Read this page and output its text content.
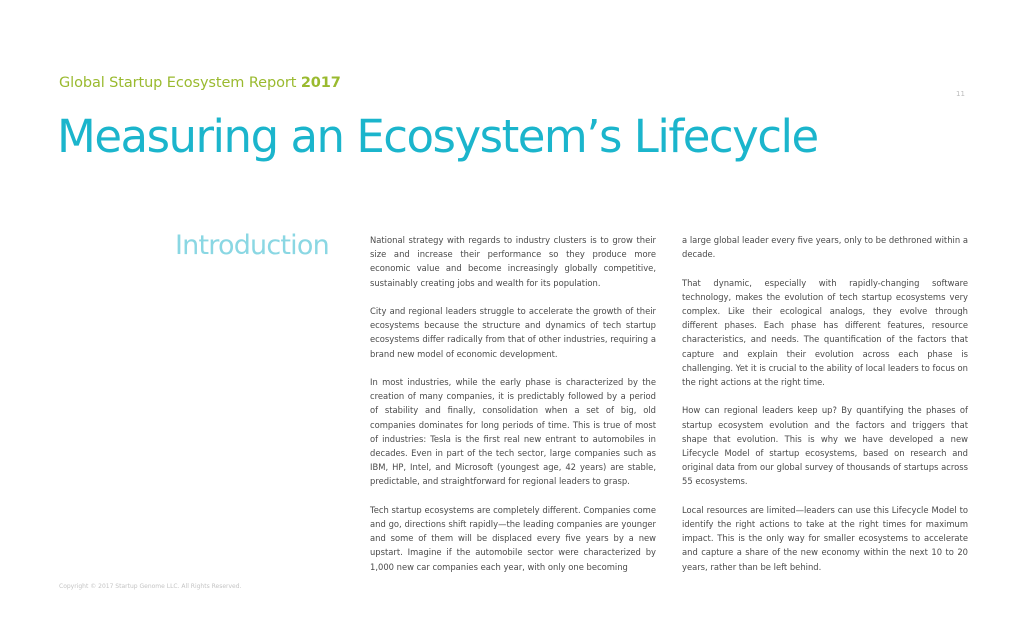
Global Startup Ecosystem Report 2017
11
Measuring an Ecosystem’s Lifecycle
Introduction	National strategy with regards to industry clusters is to grow their size and increase their performance so they produce more economic value and become increasingly globally competitive, sustainably creating jobs and wealth for its population.

City and regional leaders struggle to accelerate the growth of their ecosystems because the structure and dynamics of tech startup ecosystems differ radically from that of other industries, requiring a brand new model of economic development.

In most industries, while the early phase is characterized by the creation of many companies, it is predictably followed by a period of stability and finally, consolidation when a set of big, old companies dominates for long periods of time. This is true of most of industries: Tesla is the first real new entrant to automobiles in decades. Even in part of the tech sector, large companies such as IBM, HP, Intel, and Microsoft (youngest age, 42 years) are stable, predictable, and straightforward for regional leaders to grasp.

Tech startup ecosystems are completely different. Companies come and go, directions shift rapidly—the leading companies are younger and some of them will be displaced every five years by a new upstart. Imagine if the automobile sector were characterized by 1,000 new car companies each year, with only one becoming

a large global leader every five years, only to be dethroned within a decade.

That dynamic, especially with rapidly-changing software technology, makes the evolution of tech startup ecosystems very complex. Like their ecological analogs, they evolve through different phases. Each phase has different features, resource characteristics, and needs. The quantification of the factors that capture and explain their evolution across each phase is challenging. Yet it is crucial to the ability of local leaders to focus on the right actions at the right time.

How can regional leaders keep up? By quantifying the phases of startup ecosystem evolution and the factors and triggers that shape that evolution. This is why we have developed a new Lifecycle Model of startup ecosystems, based on research and original data from our global survey of thousands of startups across 55 ecosystems.

Local resources are limited—leaders can use this Lifecycle Model to identify the right actions to take at the right times for maximum impact. This is the only way for smaller ecosystems to accelerate and capture a share of the new economy within the next 10 to 20 years, rather than be left behind.

Copyright © 2017 Startup Genome LLC. All Rights Reserved.
